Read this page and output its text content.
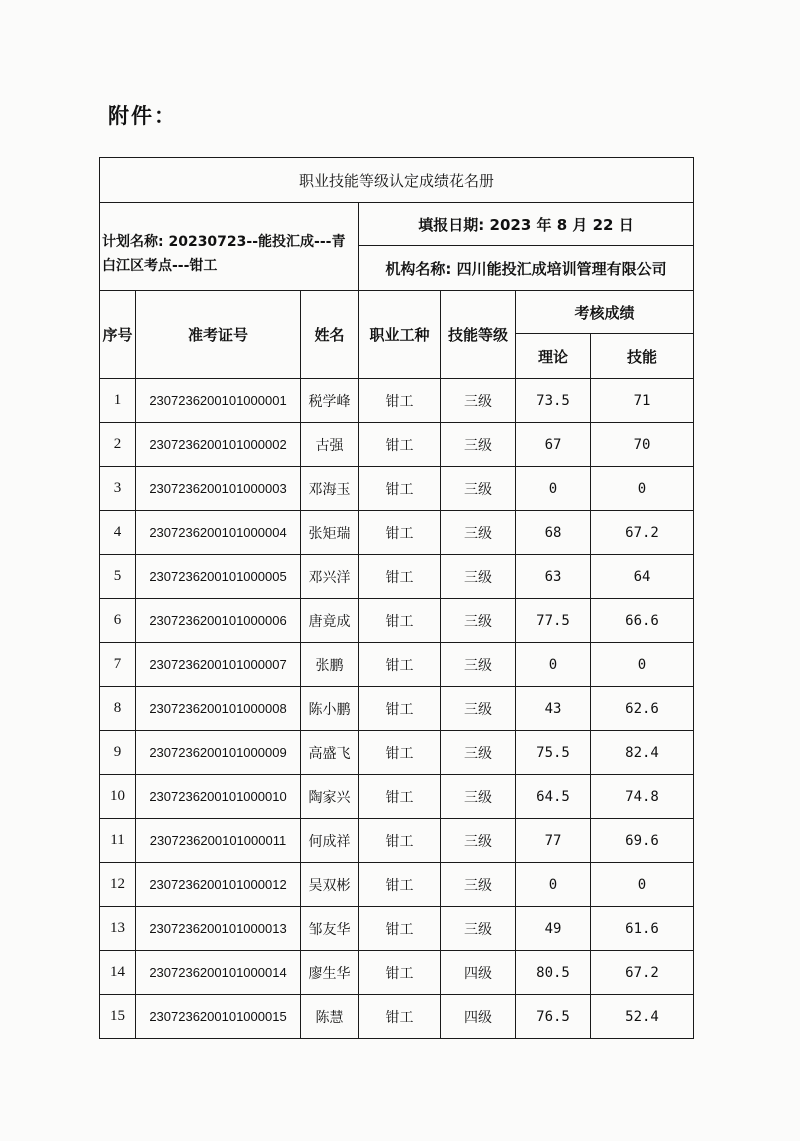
附件：
职业技能等级认定成绩花名册						
计划名称: 20230723--能投汇成---青白江区考点---钳工			填报日期: 2023 年 8 月 22 日			
			机构名称: 四川能投汇成培训管理有限公司			
序号	准考证号	姓名	职业工种	技能等级	考核成绩	
					理论	技能
1	2307236200101000001	税学峰	钳工	三级	73.5	71
2	2307236200101000002	古强	钳工	三级	67	70
3	2307236200101000003	邓海玉	钳工	三级	0	0
4	2307236200101000004	张矩瑞	钳工	三级	68	67.2
5	2307236200101000005	邓兴洋	钳工	三级	63	64
6	2307236200101000006	唐竟成	钳工	三级	77.5	66.6
7	2307236200101000007	张鹏	钳工	三级	0	0
8	2307236200101000008	陈小鹏	钳工	三级	43	62.6
9	2307236200101000009	高盛飞	钳工	三级	75.5	82.4
10	2307236200101000010	陶家兴	钳工	三级	64.5	74.8
11	2307236200101000011	何成祥	钳工	三级	77	69.6
12	2307236200101000012	吴双彬	钳工	三级	0	0
13	2307236200101000013	邹友华	钳工	三级	49	61.6
14	2307236200101000014	廖生华	钳工	四级	80.5	67.2
15	2307236200101000015	陈慧	钳工	四级	76.5	52.4
